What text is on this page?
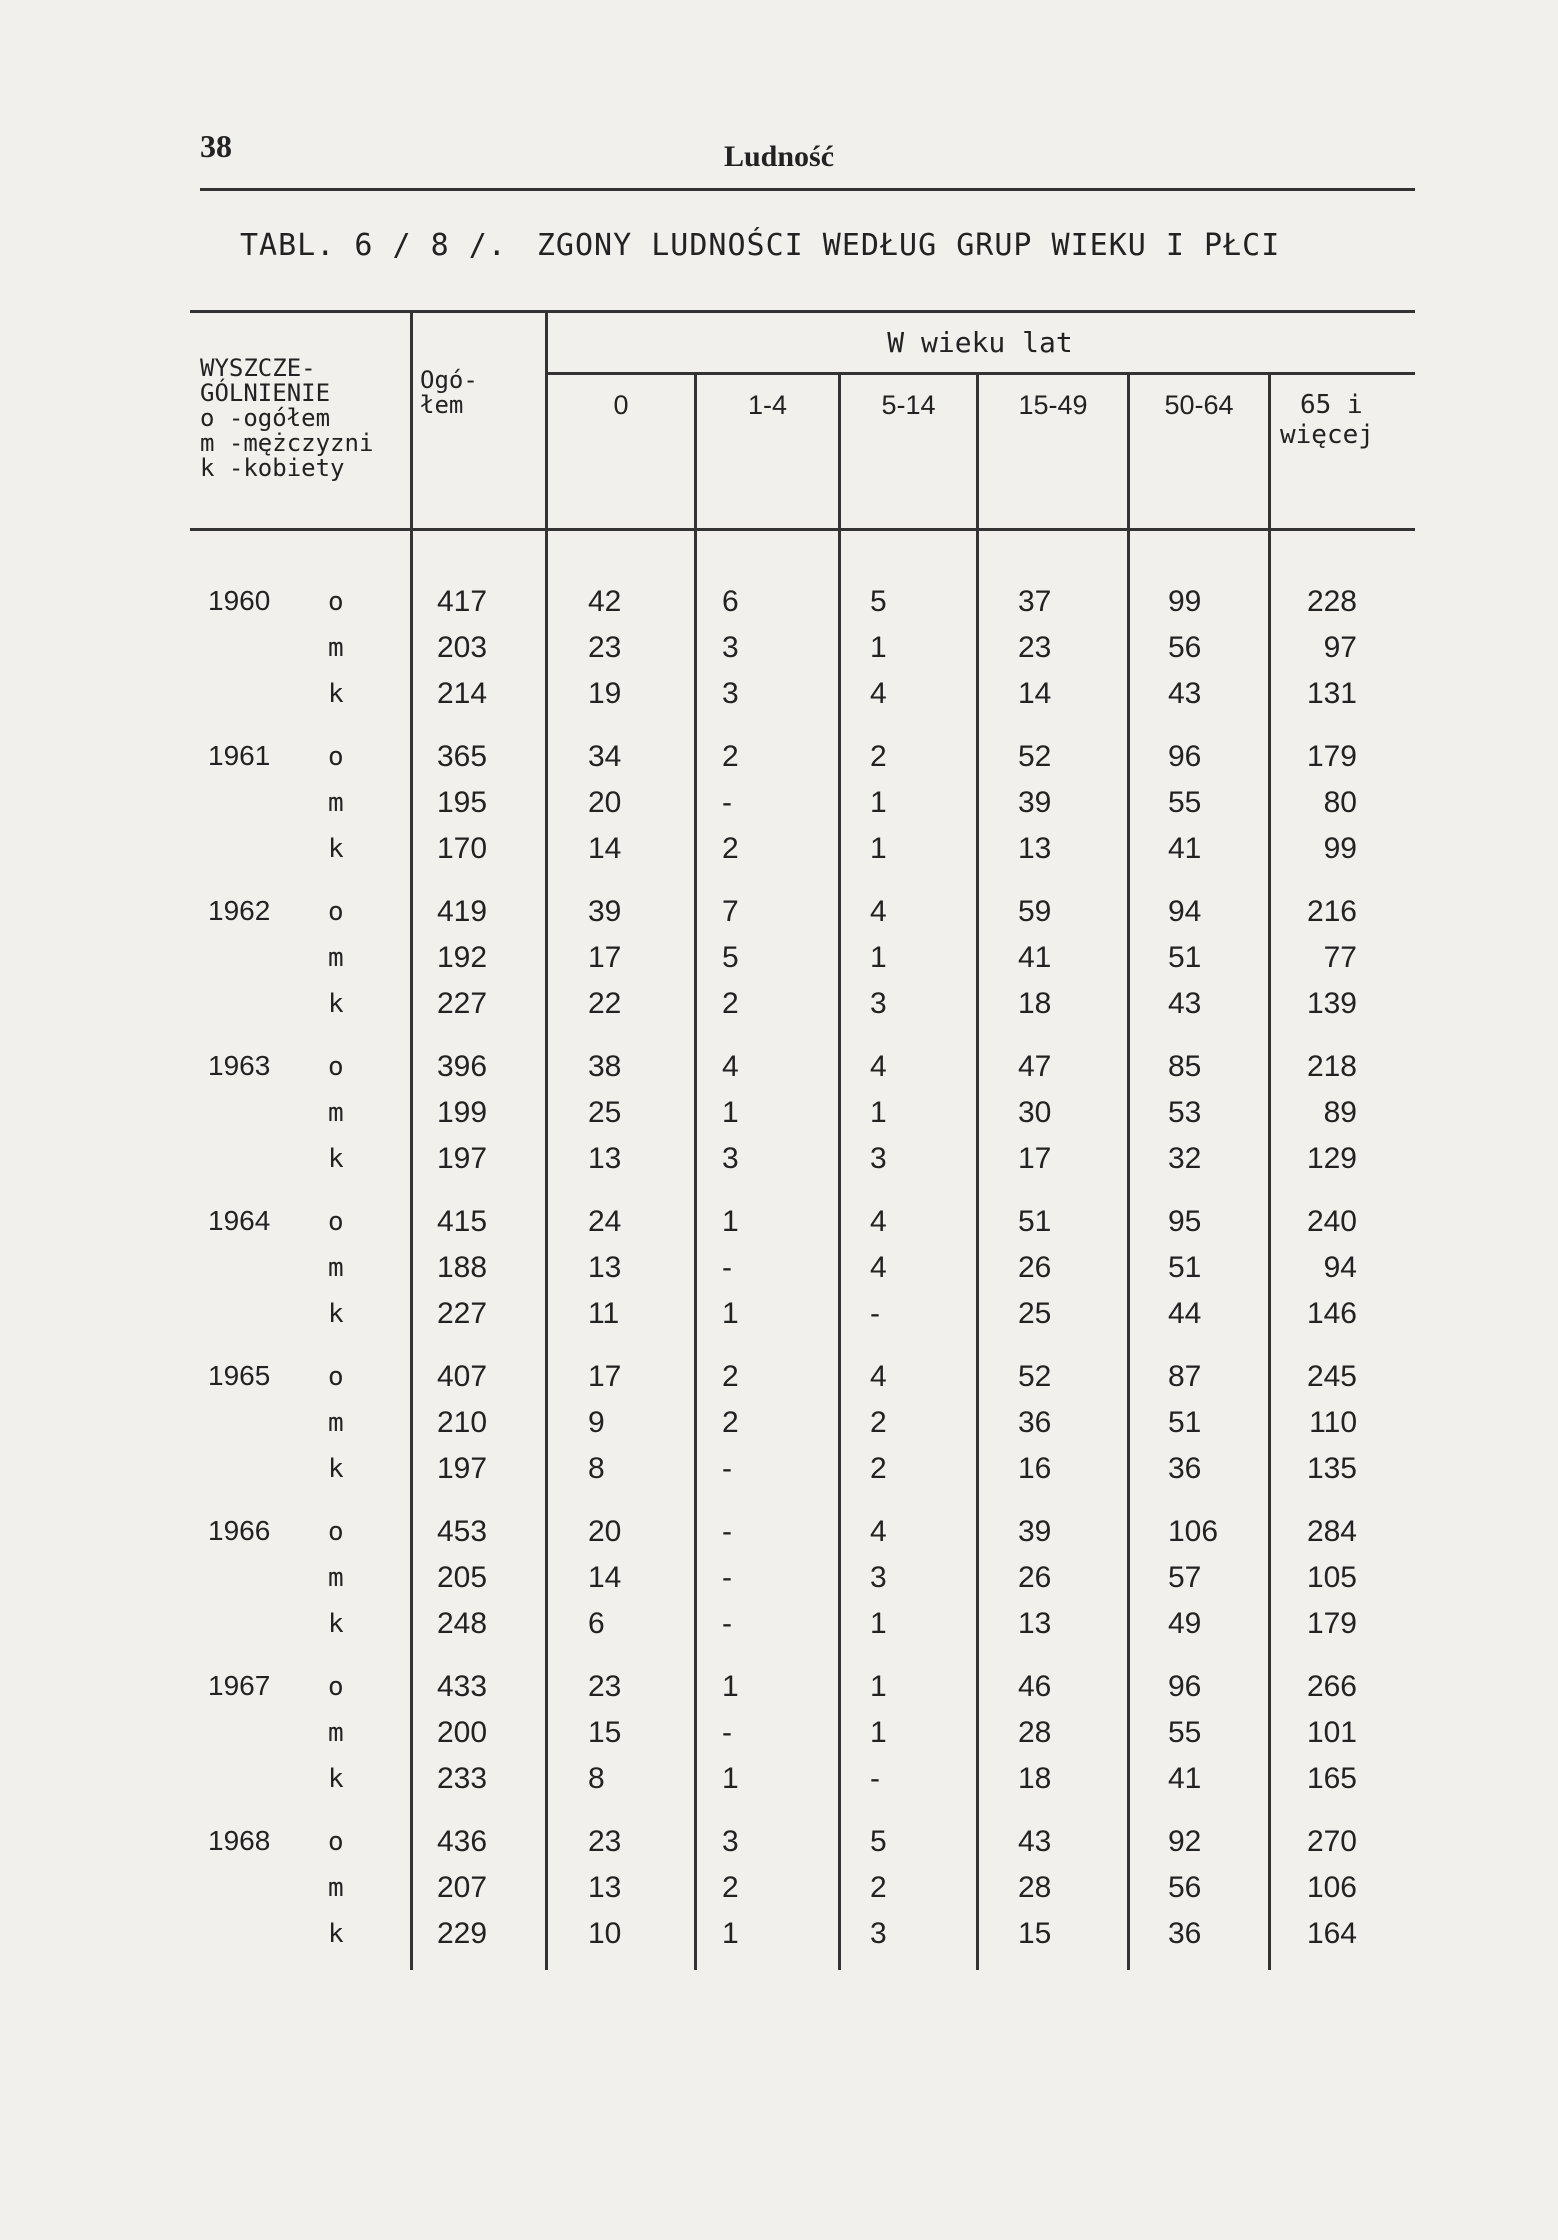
38	Ludność
TABL. 6 / 8 /. ZGONY LUDNOŚCI WEDŁUG GRUP WIEKU I PŁCI
WYSZCZE-
GÓLNIENIE
o -ogółem
m -mężczyzni
k -kobiety
Ogó-
łem
W wieku lat
0	1-4	5-14	15-49	50-64	65 i
więcej
1960 o	417	42	6	5	37	99	228
m	203	23	3	1	23	56	97
k	214	19	3	4	14	43	131
1961 o	365	34	2	2	52	96	179
m	195	20	-	1	39	55	80
k	170	14	2	1	13	41	99
1962 o	419	39	7	4	59	94	216
m	192	17	5	1	41	51	77
k	227	22	2	3	18	43	139
1963 o	396	38	4	4	47	85	218
m	199	25	1	1	30	53	89
k	197	13	3	3	17	32	129
1964 o	415	24	1	4	51	95	240
m	188	13	-	4	26	51	94
k	227	11	1	-	25	44	146
1965 o	407	17	2	4	52	87	245
m	210	9	2	2	36	51	110
k	197	8	-	2	16	36	135
1966 o	453	20	-	4	39	106	284
m	205	14	-	3	26	57	105
k	248	6	-	1	13	49	179
1967 o	433	23	1	1	46	96	266
m	200	15	-	1	28	55	101
k	233	8	1	-	18	41	165
1968 o	436	23	3	5	43	92	270
m	207	13	2	2	28	56	106
k	229	10	1	3	15	36	164
